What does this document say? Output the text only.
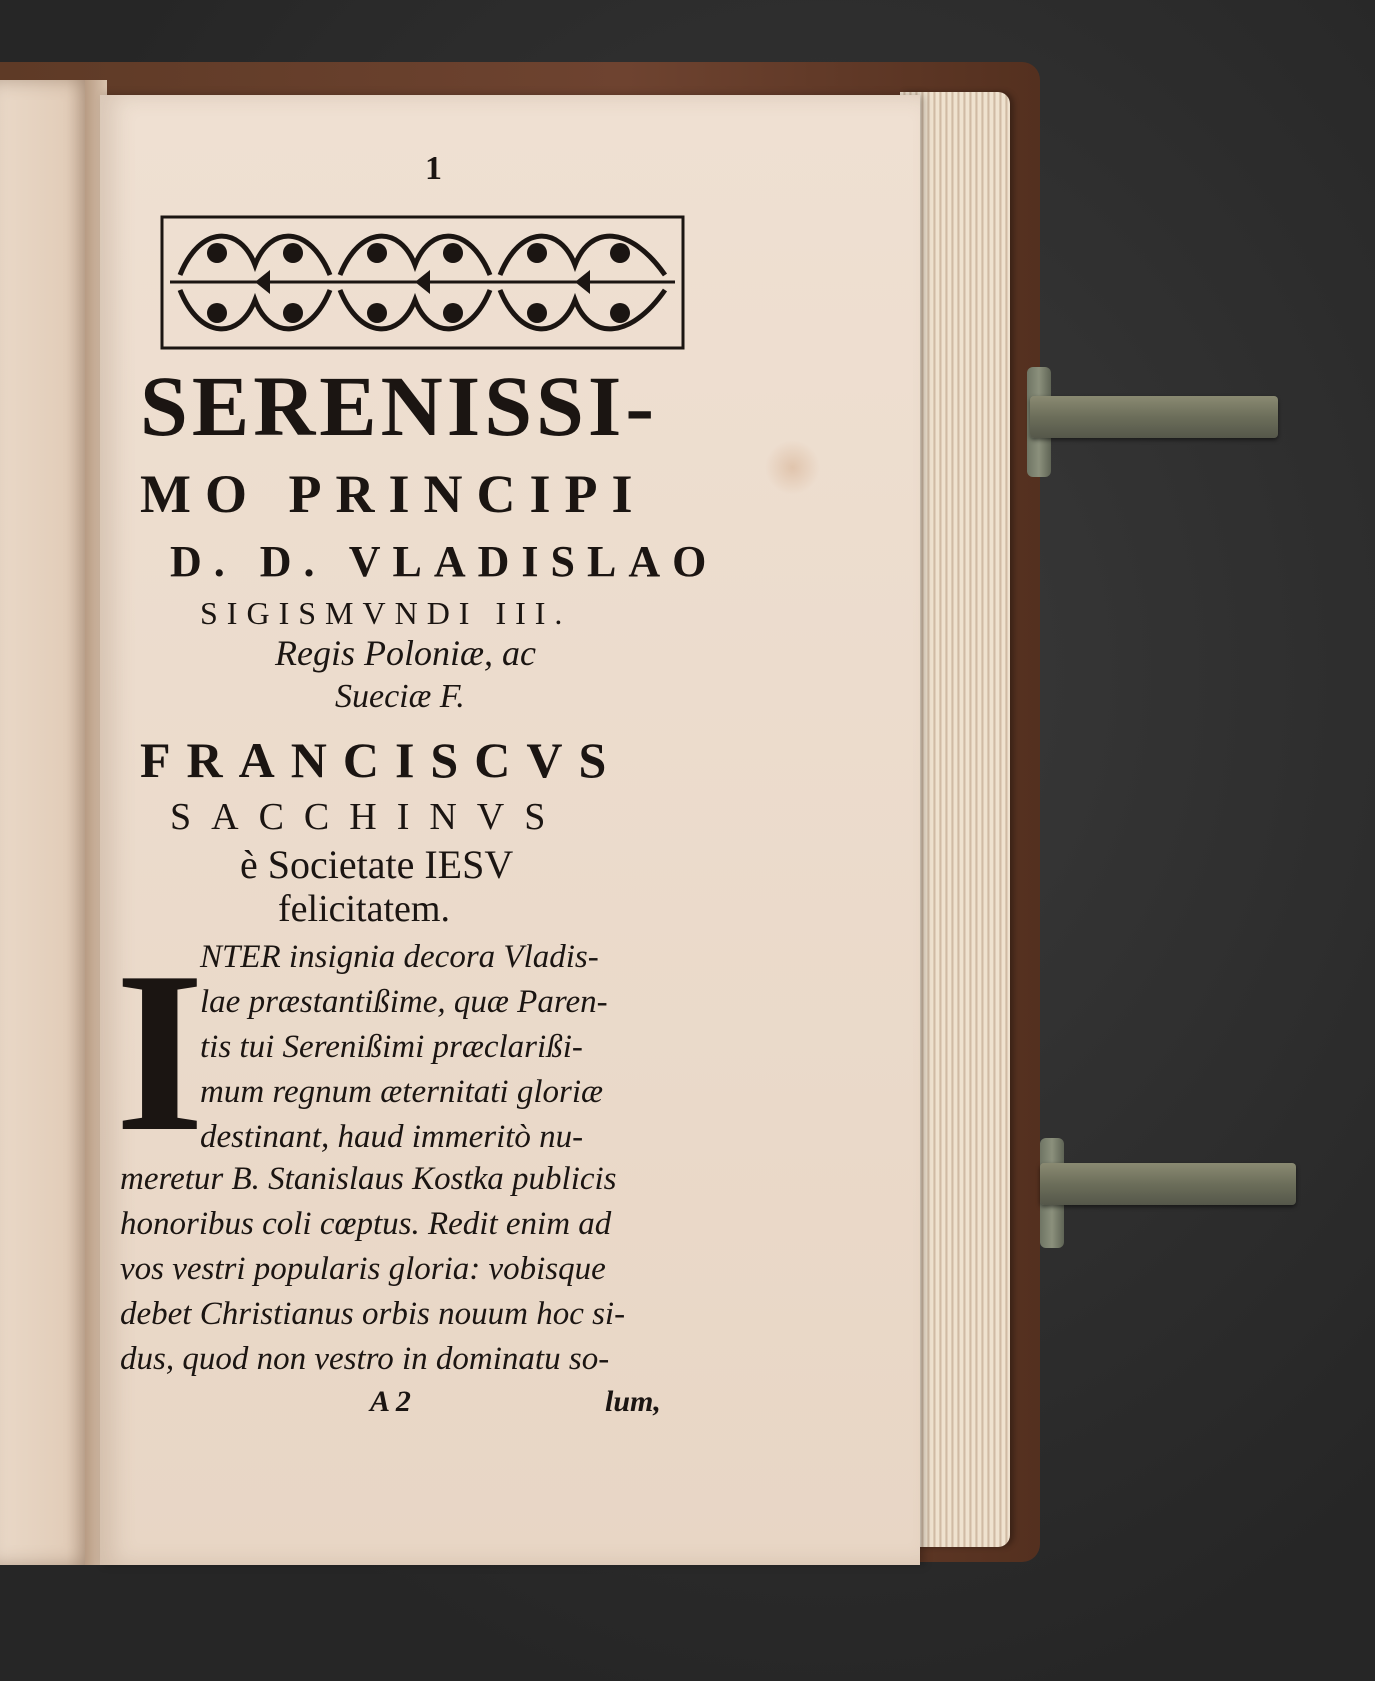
1
SERENISSI-
MO PRINCIPI
D. D. VLADISLAO
SIGISMVNDI III.
Regis Poloniæ, ac
Sueciæ F.
FRANCISCVS
SACCHINVS
è Societate IESV
felicitatem.
I
NTER insignia decora Vladis-
lae præstantißime, quæ Paren-
tis tui Serenißimi præclarißi-
mum regnum æternitati gloriæ
destinant, haud immeritò nu-
meretur B. Stanislaus Kostka publicis
honoribus coli cœptus. Redit enim ad
vos vestri popularis gloria: vobisque
debet Christianus orbis nouum hoc si-
dus, quod non vestro in dominatu so-
A 2	lum,
